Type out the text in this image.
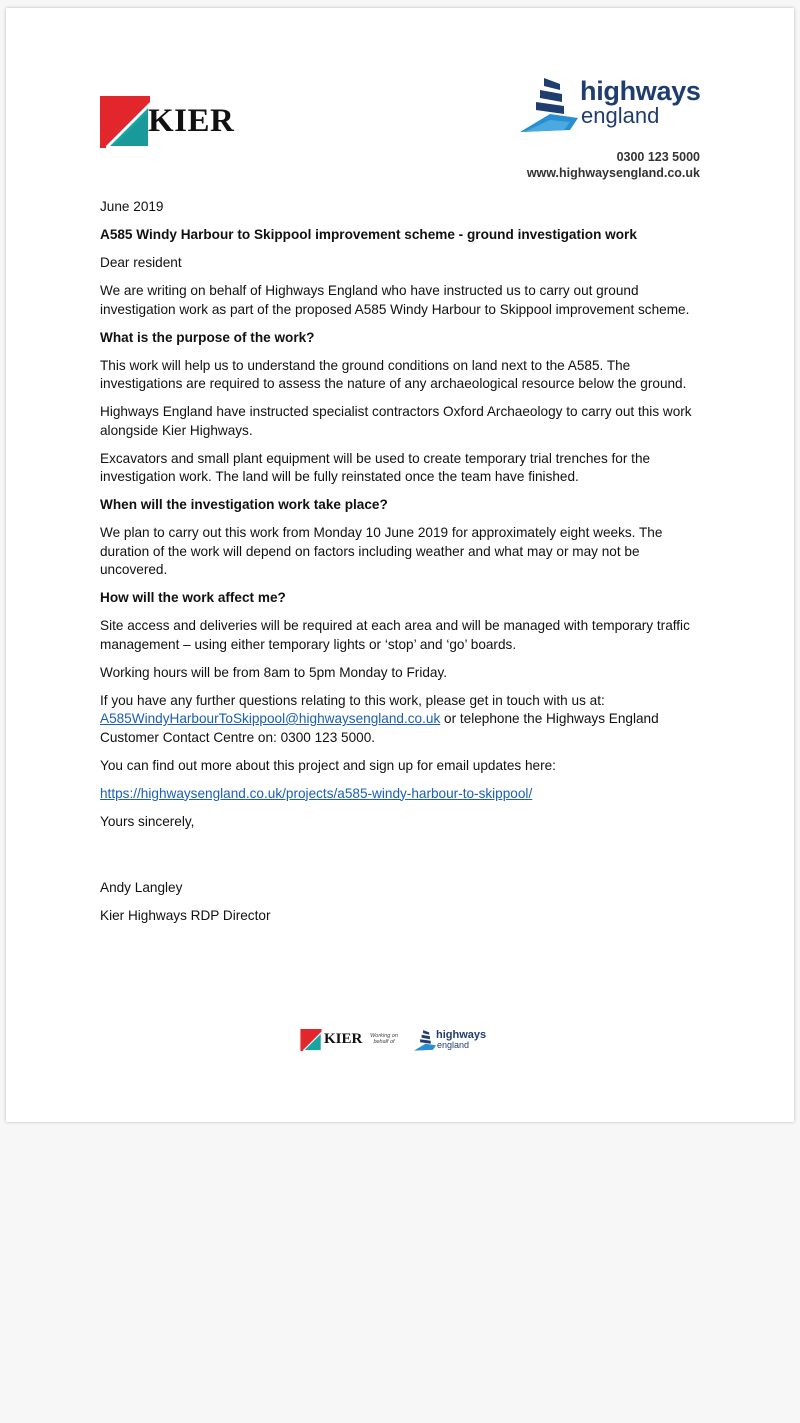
KIER
highways
england
0300 123 5000
www.highwaysengland.co.uk

June 2019

A585 Windy Harbour to Skippool improvement scheme - ground investigation work

Dear resident

We are writing on behalf of Highways England who have instructed us to carry out ground investigation work as part of the proposed A585 Windy Harbour to Skippool improvement scheme.

What is the purpose of the work?

This work will help us to understand the ground conditions on land next to the A585. The investigations are required to assess the nature of any archaeological resource below the ground.

Highways England have instructed specialist contractors Oxford Archaeology to carry out this work alongside Kier Highways.

Excavators and small plant equipment will be used to create temporary trial trenches for the investigation work. The land will be fully reinstated once the team have finished.

When will the investigation work take place?

We plan to carry out this work from Monday 10 June 2019 for approximately eight weeks. The duration of the work will depend on factors including weather and what may or may not be uncovered.

How will the work affect me?

Site access and deliveries will be required at each area and will be managed with temporary traffic management – using either temporary lights or ‘stop’ and ‘go’ boards.

Working hours will be from 8am to 5pm Monday to Friday.

If you have any further questions relating to this work, please get in touch with us at:
A585WindyHarbourToSkippool@highwaysengland.co.uk or telephone the Highways England Customer Contact Centre on: 0300 123 5000.

You can find out more about this project and sign up for email updates here:

https://highwaysengland.co.uk/projects/a585-windy-harbour-to-skippool/

Yours sincerely,

Andy Langley

Kier Highways RDP Director

KIER	Working on behalf of
highways
england
